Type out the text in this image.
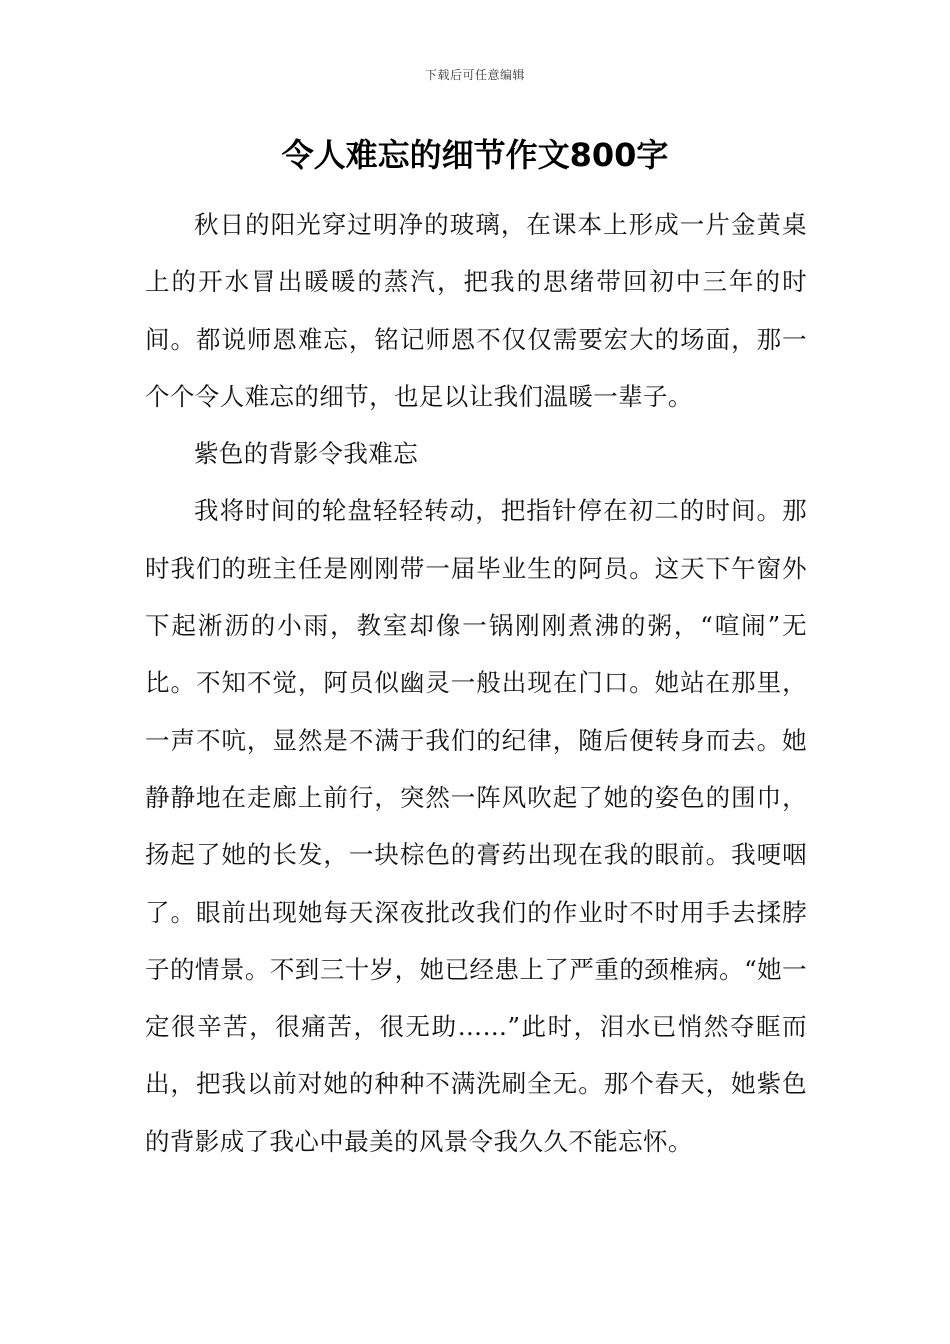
下载后可任意编辑
令人难忘的细节作文800字

秋日的阳光穿过明净的玻璃，在课本上形成一片金黄桌上的开水冒出暖暖的蒸汽，把我的思绪带回初中三年的时间。都说师恩难忘，铭记师恩不仅仅需要宏大的场面，那一个个令人难忘的细节，也足以让我们温暖一辈子。

紫色的背影令我难忘

我将时间的轮盘轻轻转动，把指针停在初二的时间。那时我们的班主任是刚刚带一届毕业生的阿员。这天下午窗外下起淅沥的小雨，教室却像一锅刚刚煮沸的粥，“喧闹”无比。不知不觉，阿员似幽灵一般出现在门口。她站在那里，一声不吭，显然是不满于我们的纪律，随后便转身而去。她静静地在走廊上前行，突然一阵风吹起了她的姿色的围巾，扬起了她的长发，一块棕色的膏药出现在我的眼前。我哽咽了。眼前出现她每天深夜批改我们的作业时不时用手去揉脖子的情景。不到三十岁，她已经患上了严重的颈椎病。“她一定很辛苦，很痛苦，很无助……”此时，泪水已悄然夺眶而出，把我以前对她的种种不满洗刷全无。那个春天，她紫色的背影成了我心中最美的风景令我久久不能忘怀。
